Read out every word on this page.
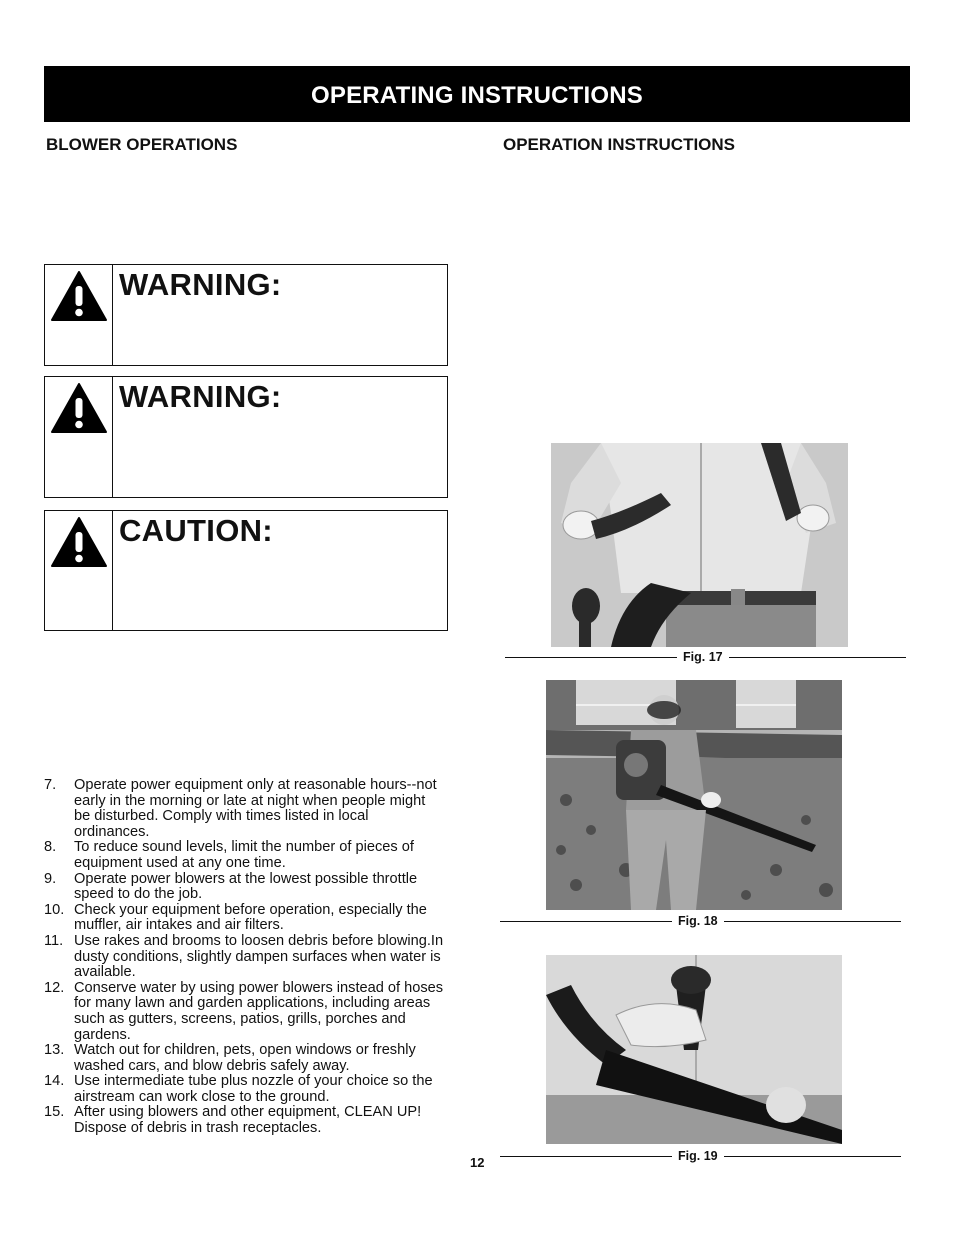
OPERATING INSTRUCTIONS
BLOWER OPERATIONS	OPERATION INSTRUCTIONS
WARNING:
WARNING:
CAUTION:
7.	Operate power equipment only at reasonable hours--not early in the morning or late at night when people might be disturbed. Comply with times listed in local ordinances.
8.	To reduce sound levels, limit the number of pieces of equipment used at any one time.
9.	Operate power blowers at the lowest possible throttle speed to do the job.
10. Check your equipment before operation, especially the muffler, air intakes and air filters.
11. Use rakes and brooms to loosen debris before blowing.In dusty conditions, slightly dampen surfaces when water is available.
12. Conserve water by using power blowers instead of hoses for many lawn and garden applications, including areas such as gutters, screens, patios, grills, porches and gardens.
13. Watch out for children, pets, open windows or freshly washed cars, and blow debris safely away.
14. Use intermediate tube plus nozzle of your choice so the airstream can work close to the ground.
15. After using blowers and other equipment, CLEAN UP! Dispose of debris in trash receptacles.
Fig. 17
Fig. 18
Fig. 19
12
